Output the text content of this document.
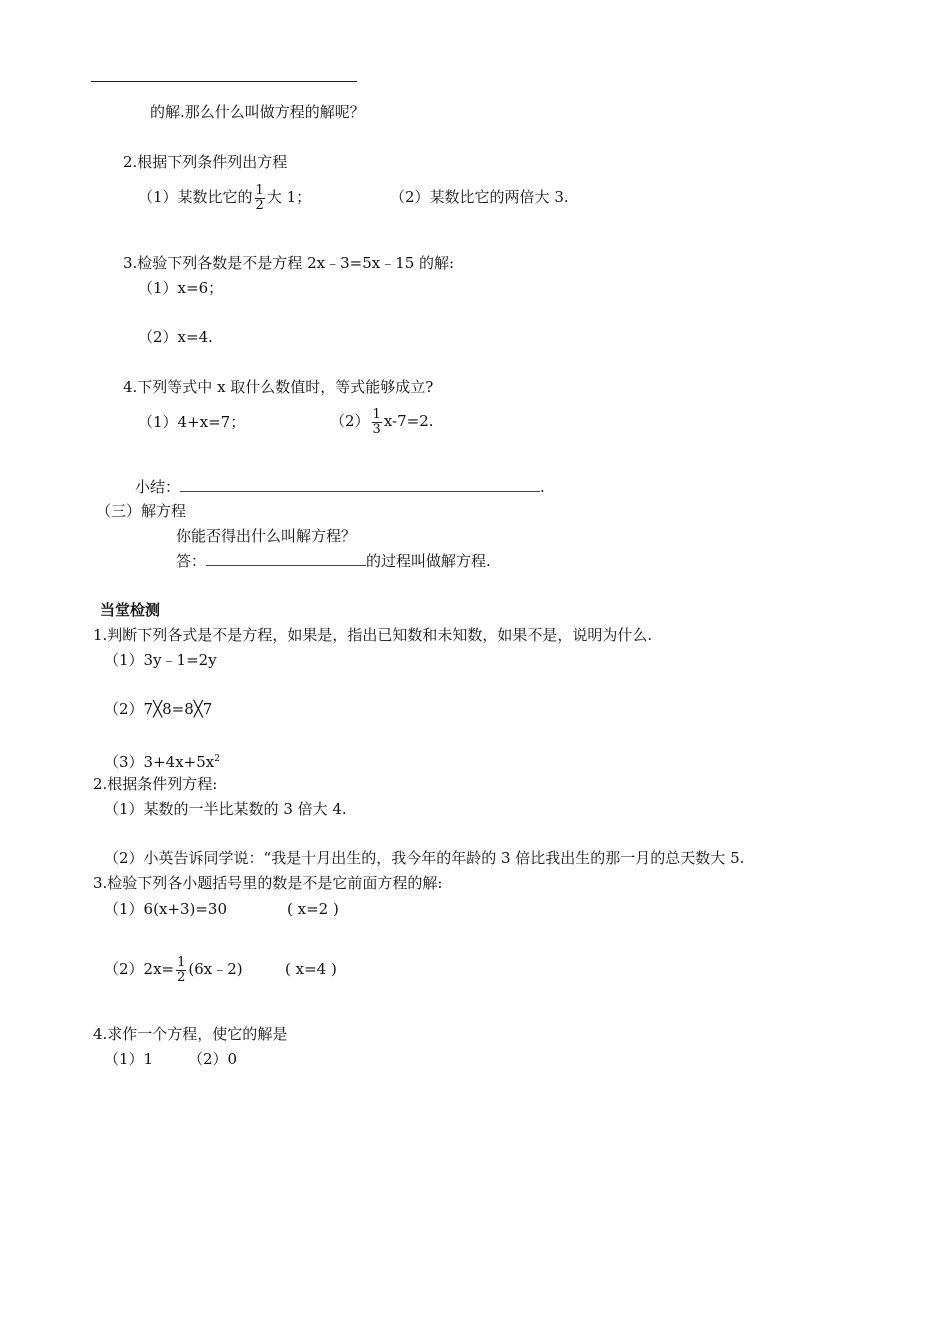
的解.那么什么叫做方程的解呢？
2.根据下列条件列出方程
（1）某数比它的 $\frac{1}{2}$ 大 1；	（2）某数比它的两倍大 3.
3.检验下列各数是不是方程 2x﹣3=5x﹣15 的解:
（1）x=6；
（2）x=4.
4.下列等式中 x 取什么数值时，等式能够成立?
（1）4+x=7；	$(2) \frac{1}{3} x-7=2$.
小结：	.
（三）解方程
你能否得出什么叫解方程？
答：	的过程叫做解方程.
当堂检测
1.判断下列各式是不是方程，如果是，指出已知数和未知数，如果不是，说明为什么.
（1）3y﹣1=2y
（2）7╳8=8╳7
$(3)3+4x+5x^2$
2.根据条件列方程:
（1）某数的一半比某数的 3 倍大 4.
（2）小英告诉同学说：“我是十月出生的，我今年的年龄的 3 倍比我出生的那一月的总天数大 5.
3.检验下列各小题括号里的数是不是它前面方程的解:
（1）6(x+3)=30	( x=2 )
$(2)2x= \frac{1}{2}$ (6x﹣2)	( x=4 )
4.求作一个方程，使它的解是
（1）1 （2）0
